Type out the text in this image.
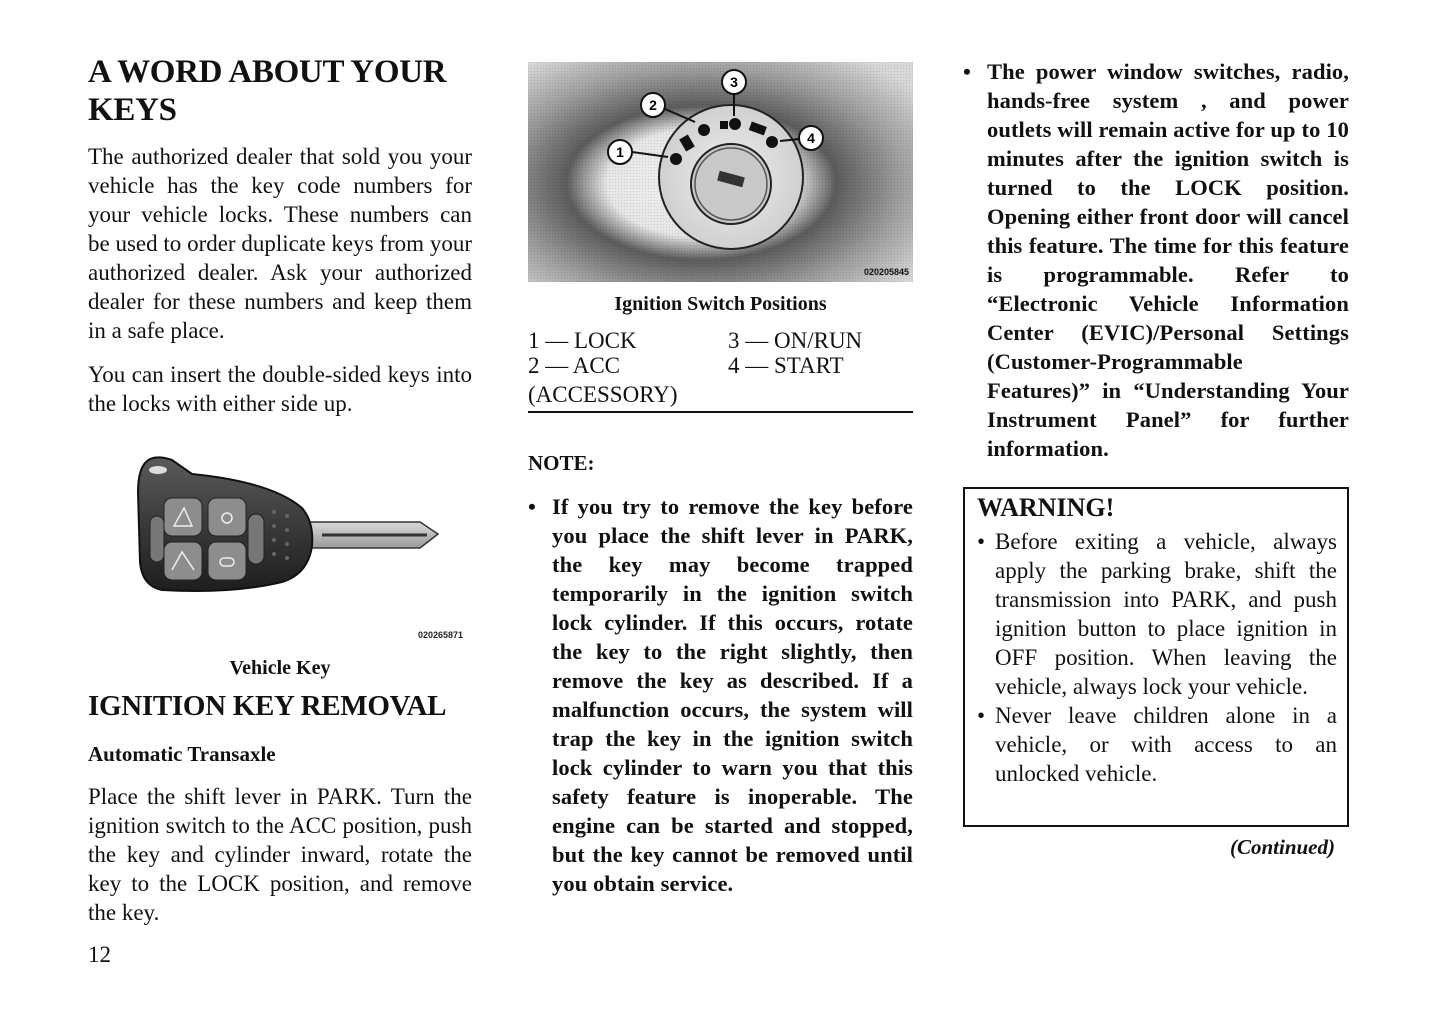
A WORD ABOUT YOUR KEYS

The authorized dealer that sold you your vehicle has the key code numbers for your vehicle locks. These numbers can be used to order duplicate keys from your authorized dealer. Ask your authorized dealer for these numbers and keep them in a safe place.

You can insert the double-sided keys into the locks with either side up.

020265871

Vehicle Key

IGNITION KEY REMOVAL
Automatic Transaxle

Place the shift lever in PARK. Turn the ignition switch to the ACC position, push the key and cylinder inward, rotate the key to the LOCK position, and remove the key.

12
1
2
3
4
020205845

Ignition Switch Positions

1 — LOCK	3 — ON/RUN
2 — ACC	4 — START
(ACCESSORY)

NOTE:

• If you try to remove the key before you place the shift lever in PARK, the key may become trapped temporarily in the ignition switch lock cylinder. If this occurs, rotate the key to the right slightly, then remove the key as described. If a malfunction occurs, the system will trap the key in the ignition switch lock cylinder to warn you that this safety feature is inoperable. The engine can be started and stopped, but the key cannot be removed until you obtain service.
• The power window switches, radio, hands-free system , and power outlets will remain active for up to 10 minutes after the ignition switch is turned to the LOCK position. Opening either front door will cancel this feature. The time for this feature is programmable. Refer to “Electronic Vehicle Information Center (EVIC)/Personal Settings (Customer-Programmable Features)” in “Understanding Your Instrument Panel” for further information.
WARNING!
• Before exiting a vehicle, always apply the parking brake, shift the transmission into PARK, and push ignition button to place ignition in OFF position. When leaving the vehicle, always lock your vehicle.
• Never leave children alone in a vehicle, or with access to an unlocked vehicle.
(Continued)
